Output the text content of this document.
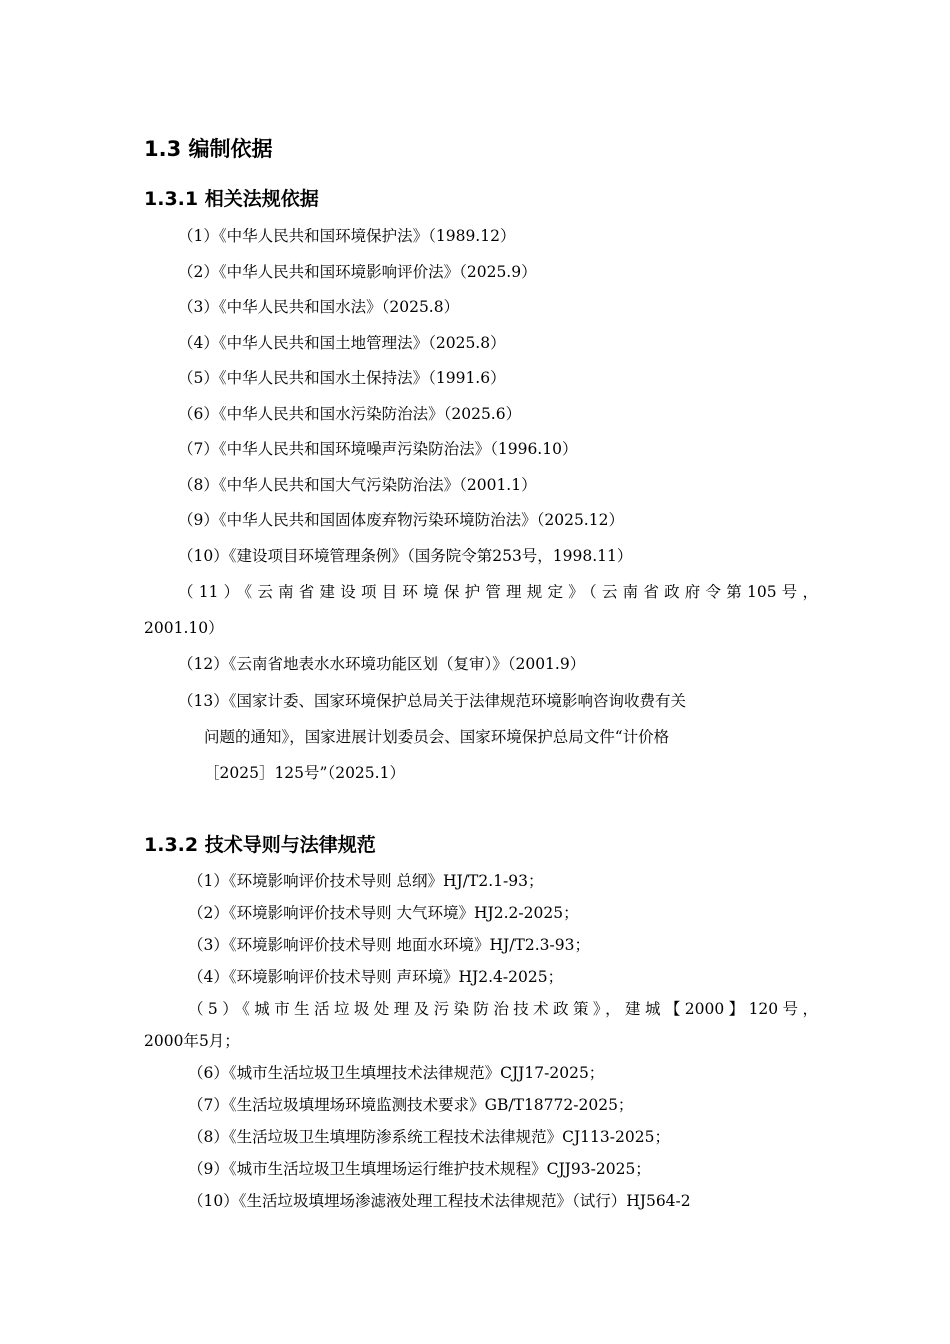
1.3 编制依据
1.3.1 相关法规依据
（1）《中华人民共和国环境保护法》（1989.12）
（2）《中华人民共和国环境影响评价法》（2025.9）
（3）《中华人民共和国水法》（2025.8）
（4）《中华人民共和国土地管理法》（2025.8）
（5）《中华人民共和国水土保持法》（1991.6）
（6）《中华人民共和国水污染防治法》（2025.6）
（7）《中华人民共和国环境噪声污染防治法》（1996.10）
（8）《中华人民共和国大气污染防治法》（2001.1）
（9）《中华人民共和国固体废弃物污染环境防治法》（2025.12）
（10）《建设项目环境管理条例》（国务院令第253号，1998.11）
（11）《云南省建设项目环境保护管理规定》（云南省政府令第105号，
2001.10）
（12）《云南省地表水水环境功能区划（复审）》（2001.9）
（13）《国家计委、国家环境保护总局关于法律规范环境影响咨询收费有关
问题的通知》，国家进展计划委员会、国家环境保护总局文件“计价格
［2025］125号”（2025.1）
1.3.2 技术导则与法律规范
（1）《环境影响评价技术导则 总纲》HJ/T2.1-93；
（2）《环境影响评价技术导则 大气环境》HJ2.2-2025；
（3）《环境影响评价技术导则 地面水环境》HJ/T2.3-93；
（4）《环境影响评价技术导则 声环境》HJ2.4-2025；
（5）《城市生活垃圾处理及污染防治技术政策》，建城【2000】120号，
2000年5月；
（6）《城市生活垃圾卫生填埋技术法律规范》CJJ17-2025；
（7）《生活垃圾填埋场环境监测技术要求》GB/T18772-2025；
（8）《生活垃圾卫生填埋防渗系统工程技术法律规范》CJ113-2025；
（9）《城市生活垃圾卫生填埋场运行维护技术规程》CJJ93-2025；
（10）《生活垃圾填埋场渗滤液处理工程技术法律规范》（试行）HJ564-2
